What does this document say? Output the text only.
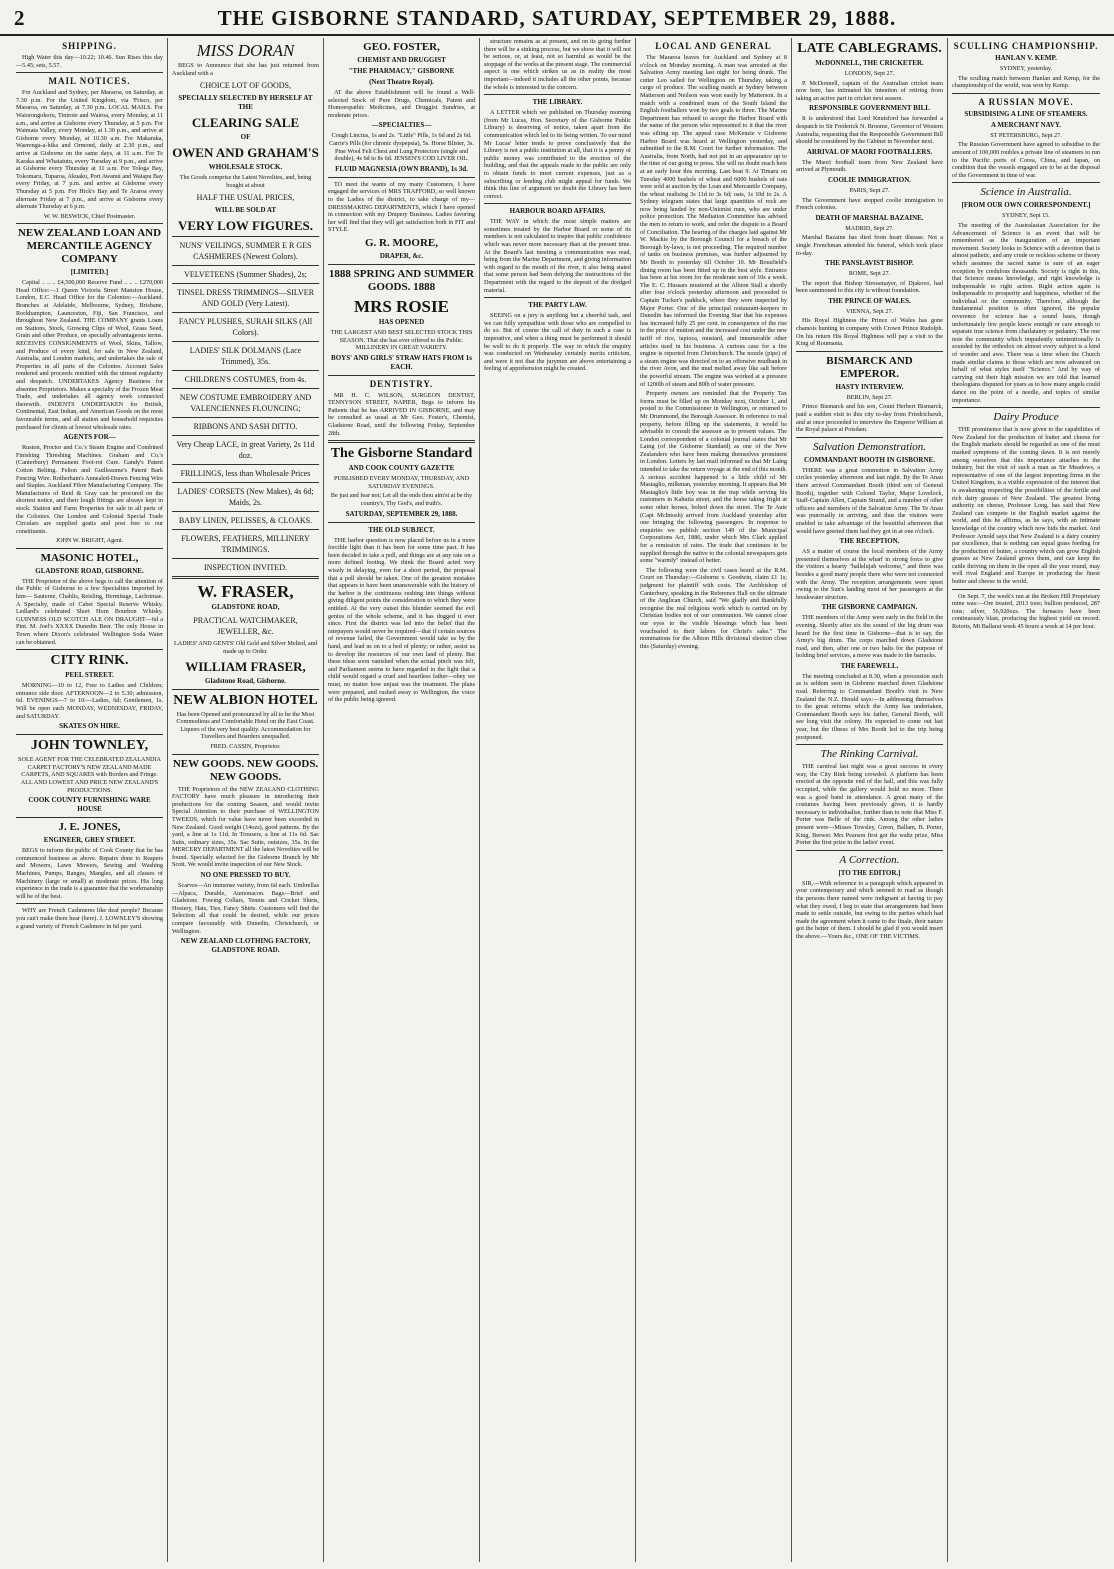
2	THE GISBORNE STANDARD, SATURDAY, SEPTEMBER 29, 1888.
SHIPPING.

High Water this day—10.22; 10.46. Sun Rises this day—5.45; sets, 5.57.

MAIL NOTICES.

For Auckland and Sydney, per Mararoa, on Saturday, at 7.30 p.m. For the United Kingdom, via 'Frisco, per Mararoa, on Saturday, at 7.30 p.m. LOCAL MAILS. For Waiorongokoru, Tinirote and Wairoa, every Monday, at 11 a.m., and arrive at Gisborne every Thursday, at 5 p.m. For Waimata Valley, every Monday, at 1.30 p.m., and arrive at Gisborne every Monday, at 10.30 a.m. For Makaraka, Waerenga-a-hika and Ormond, daily at 2.30 p.m., and arrive at Gisborne on the same days, at 11 a.m. For Te Karaka and Whatatutu, every Tuesday at 9 p.m., and arrive at Gisborne every Thursday at 11 a.m. For Tologa Bay, Tokomaru, Tuparoa, Akuaku, Port Awanui and Waiapu Bay every Friday, at 7 p.m. and arrive at Gisborne every Thursday at 5 p.m. For Hick's Bay and Te Araroa every alternate Friday at 7 p.m., and arrive at Gisborne every alternate Thursday at 6 p.m.

W. W. BESWICK, Chief Postmaster.

NEW ZEALAND LOAN AND MERCANTILE AGENCY COMPANY
[LIMITED.]

Capital .. .. .. £4,500,000 Reserve Fund .. .. .. £270,000 Head Office:—1 Queen Victoria Street Mansion House, London, E.C. Head Office for the Colonies:—Auckland. Branches at Adelaide, Melbourne, Sydney, Brisbane, Rockhampton, Launceston, Fiji, San Francisco, and throughout New Zealand. THE COMPANY grants Loans on Stations, Stock, Growing Clips of Wool, Grass Seed, Grain and other Produce, on specially advantageous terms. RECEIVES CONSIGNMENTS of Wool, Skins, Tallow, and Produce of every kind, for sale in New Zealand, Australia, and London markets, and undertakes the sale of Properties in all parts of the Colonies. Account Sales rendered and proceeds remitted with the utmost regularity and despatch. UNDERTAKES Agency Business for absentee Proprietors. Makes a specialty of the Frozen Meat Trade, and undertakes all agency work connected therewith. INDENTS UNDERTAKEN for British, Continental, East Indian, and American Goods on the most favourable terms, and all station and household requisites purchased for clients at lowest wholesale rates.

AGENTS FOR—

Ruston, Proctor and Co.'s Steam Engine and Combined Finishing Threshing Machines. Graham and Co.'s (Canterbury) Permanent Foot-rot Cure. Gandy's Patent Cotton Belting. Felton and Guilleaume's Patent Bark Fencing Wire. Rotherham's Annealed-Drawn Fencing Wire and Staples. Auckland Fibre Manufacturing Company. The Manufactures of Reid & Gray can be procured on the shortest notice, and their lough fittings are always kept in stock. Station and Farm Properties for sale in all parts of the Colonies. Our London and Colonial Special Trade Circulars are supplied gratis and post free to our constituents.

JOHN W. BRIGHT, Agent.

MASONIC HOTEL,
GLADSTONE ROAD, GISBORNE.

THE Proprietor of the above begs to call the attention of the Public of Gisborne to a few Specialties imported by him— Sauterne, Chablis, Reisling, Hermitage, Lachrimae. A Specialty, made of Cabet Special Reserve Whisky. Ledlard's celebrated Short Horn Bourbon Whisky. GUINNESS OLD SCOTCH ALE ON DRAUGHT—6d a Pint. M. Joel's XXXX Dunedin Beer. The only House in Town where Dixon's celebrated Wellington Soda Water can be obtained.

CITY RINK.
PEEL STREET.

MORNING—10 to 12, Free to Ladies and Children; entrance side door. AFTERNOON—2 to 5.30; admission, 6d. EVENINGS—7 to 10:—Ladies, 6d; Gentlemen, 1s. Will be open each MONDAY, WEDNESDAY, FRIDAY, and SATURDAY.

SKATES ON HIRE.
JOHN TOWNLEY,

SOLE AGENT FOR THE CELEBRATED ZEALANDIA CARPET FACTORY'S NEW ZEALAND MADE CARPETS, AND SQUARES with Borders and Fringe. ALL AND LOWEST AND PRICE NEW ZEALAND'S PRODUCTIONS.

COOK COUNTY FURNISHING WARE HOUSE
J. E. JONES,
ENGINEER, GREY STREET.

BEGS to inform the public of Cook County that he has commenced business as above. Repairs done to Reapers and Mowers, Lawn Mowers, Sewing and Washing Machines, Pumps, Ranges, Mangles, and all classes of Machinery (large or small) at moderate prices. His long experience in the trade is a guarantee that the workmanship will be of the best.

WHY are French Cashmeres like deaf people? Because you can't make them hear (here). J. LOWNLEY'S showing a grand variety of French Cashmere in 6d per yard.

MISS DORAN

BEGS to Announce that she has just returned from Auckland with a

CHOICE LOT OF GOODS,
SPECIALLY SELECTED BY HERSELF AT THE
CLEARING SALE
OF
OWEN AND GRAHAM'S
WHOLESALE STOCK.

The Goods comprise the Latest Novelties, and, being bought at about

HALF THE USUAL PRICES,
WILL BE SOLD AT
VERY LOW FIGURES.
NUNS' VEILINGS, SUMMER E R GES CASHMERES (Newest Colors).
VELVETEENS (Summer Shades), 2s;
TINSEL DRESS TRIMMINGS—SILVER AND GOLD (Very Latest).
FANCY PLUSHES, SURAH SILKS (All Colors).
LADIES' SILK DOLMANS (Lace Trimmed), 35s.
CHILDREN'S COSTUMES, from 4s.
NEW COSTUME EMBROIDERY AND VALENCIENNES FLOUNCING;
RIBBONS AND SASH DITTO.
Very Cheap LACE, in great Variety, 2s 11d doz.
FRILLINGS, less than Wholesale Prices
LADIES' CORSETS (New Makes), 4s 6d; Maids, 2s.
BABY LINEN, PELISSES, & CLOAKS.
FLOWERS, FEATHERS, MILLINERY TRIMMINGS.
INSPECTION INVITED.
W. FRASER,
GLADSTONE ROAD,
PRACTICAL WATCHMAKER, JEWELLER, &c.

LADIES' AND GENTS' Old Gold and Silver Melted, and made up to Order.

WILLIAM FRASER,
Gladstone Road, Gisborne.
NEW ALBION HOTEL

Has been Opened and pronounced by all to be the Most Commodious and Comfortable Hotel on the East Coast. Liquors of the very best quality. Accommodation for Travellers and Boarders unequalled.

FRED. CASSIN, Proprietor.

NEW GOODS. NEW GOODS. NEW GOODS.

THE Proprietors of the NEW ZEALAND CLOTHING FACTORY have much pleasure in introducing their productions for the coming Season, and would invite Special Attention to their purchase of WELLINGTON TWEEDS, which for value have never been exceeded in New Zealand. Good weight (14ozs), good patterns. By the yard, a line at 1s 11d. In Trousers, a line at 11s 6d. Sac Suits, ordinary sizes, 35s. Sac Suits, outsizes, 35s. In the MERCERY DEPARTMENT all the latest Novelties will be found. Specially selected for the Gisborne Branch by Mr Scott. We would invite inspection of our New Stock.

NO ONE PRESSED TO BUY.

Scarves—An immense variety, from 6d each. Umbrellas—Alpaca, Durable, Aumonacon. Bags—Brief and Gladstone. Fowing Collars, Tennis and Cricket Shirts, Hosiery, Hats, Ties, Fancy Shirts. Customers will find the Selection all that could be desired, while our prices compare favourably with Dunedin, Christchurch, or Wellington.

NEW ZEALAND CLOTHING FACTORY, GLADSTONE ROAD.
GEO. FOSTER,
CHEMIST AND DRUGGIST
"THE PHARMACY," GISBORNE
(Next Theatre Royal).

AT the above Establishment will be found a Well-selected Stock of Pure Drugs, Chemicals, Patent and Homoeopathic Medicines, and Druggist Sundries, at moderate prices.

—SPECIALTIES—

Cough Linctus, 1s and 2s. "Little" Pills, 1s 6d and 2s 6d. Carrie's Pills (for chronic dyspepsia), 5s. Horse Blister, 3s. Pine Wool Felt Chest and Lung Protectors (single and double), 4s 6d to 8s 6d. JENSEN'S COD LIVER OIL.

FLUID MAGNESIA (OWN BRAND), 1s 3d.

TO meet the wants of my many Customers, I have engaged the services of MRS TRAFFORD, so well known to the Ladies of the district, to take charge of my— DRESSMAKING DEPARTMENTS, which I have opened in connection with my Drapery Business. Ladies favoring her will find that they will get satisfaction both in FIT and STYLE.

G. R. MOORE,
DRAPER, &c.
1888 SPRING AND SUMMER GOODS. 1888
MRS ROSIE
HAS OPENED

THE LARGEST AND BEST SELECTED STOCK THIS SEASON. That she has ever offered to the Public. MILLINERY IN GREAT VARIETY.

BOYS' AND GIRLS' STRAW HATS FROM 1s EACH.
DENTISTRY.

MR H. C. WILSON, SURGEON DENTIST, TENNYSON STREET, NAPIER, Begs to inform his Patients that he has ARRIVED IN GISBORNE, and may be consulted as usual at Mr Geo. Foster's, Chemist, Gladstone Road, until the following Friday, September 28th.

The Gisborne Standard
AND COOK COUNTY GAZETTE

PUBLISHED EVERY MONDAY, THURSDAY, AND SATURDAY EVENINGS.

Be just and fear not; Let all the ends thou aim'st at be thy country's, Thy God's, and truth's.

SATURDAY, SEPTEMBER 29, 1888.
THE OLD SUBJECT.

THE harbor question is now placed before us in a more forcible light than it has been for some time past. It has been decided to take a poll, and things are at any rate on a more defined footing. We think the Board acted very wisely in delaying, even for a short period, the proposal that a poll should be taken. One of the greatest mistakes that appears to have been unanswerable with the history of the harbor is the continuous rushing into things without giving diligent points the consideration to which they were entitled. At the very outset this blunder seemed the evil genius of the whole scheme, and it has dogged it ever since. First the district was led into the belief that the ratepayers would never be required—that if certain sources of revenue failed, the Government would take us by the hand, and lead us on to a bed of plenty; or rather, assist us to develop the resources of our own land of plenty. But these ideas soon vanished when the actual pinch was felt, and Parliament seems to have regarded in the light that a child would regard a cruel and heartless father—obey we must, no matter how unjust was the treatment. The plans were prepared, and rushed away to Wellington, the voice of the public being ignored.

structure remains as at present, and on its going further there will be a sinking process, but we show that it will not be serious, or, at least, not so harmful as would be the stoppage of the works at the present stage. The commercial aspect is one which strikes us as in reality the most important—indeed it includes all the other points, because the whole is interested in the concern.

THE LIBRARY.

A LETTER which we published on Thursday morning (from Mr Lucas, Hon. Secretary of the Gisborne Public Library) is deserving of notice, taken apart from the communication which led to its being written. To our mind Mr Lucas' letter tends to prove conclusively that the Library is not a public institution at all, that it is a penny of public money was contributed to the erection of the building, and that the appeals made to the public are only to obtain funds to meet current expenses, just as a subscribing or lending club might appeal for funds. We think this line of argument no doubt the Library has been correct.

HARBOUR BOARD AFFAIRS.

THE WAY in which the most simple matters are sometimes treated by the Harbor Board or some of its members is not calculated to inspire that public confidence which was never more necessary than at the present time. At the Board's last meeting a communication was read, being from the Marine Department, and giving information with regard to the mouth of the river, it also being stated that some person had been defying the instructions of the Department with the regard to the deposit of the dredged material.

THE PARTY LAW.

SEEING on a jury is anything but a cheerful task, and we can fully sympathise with those who are compelled to do so. But of course the call of duty in such a case is imperative, and when a thing must be performed it should be well to do it properly. The way in which the enquiry was conducted on Wednesday certainly merits criticism, and were it not that the jurymen are above entertaining a feeling of apprehension might be created.

LOCAL AND GENERAL

The Mararoa leaves for Auckland and Sydney at 8 o'clock on Monday morning. A man was arrested at the Salvation Army meeting last night for being drunk. The cutter Leo sailed for Wellington on Thursday, taking a cargo of produce. The sculling match at Sydney between Matterson and Neilson was won easily by Matterson. In a match with a combined team of the South Island the English footballers won by two goals to three. The Marine Department has refused to accept the Harbor Board with the name of the person who represented to it that the river was silting up. The appeal case McKenzie v Gisborne Harbor Board was heard at Wellington yesterday, and submitted to the R.M. Court for further information. The Australia, from North, had not put in an appearance up to the time of our going to press. She will no doubt reach here at an early hour this morning. Last boat 9. At Timaru on Tuesday 4000 bushels of wheat and 6000 bushels of oats were sold at auction by the Loan and Mercantile Company, the wheat realising 3s 11d to 3s 6d; oats, 1s 10d to 2s. A Sydney telegram states that large quantities of rock are now being landed by non-Unionist men, who are under police protection. The Mediation Committee has advised the men to return to work, and refer the dispute to a Board of Conciliation. The hearing of the charges laid against Mr W. Mackie by the Borough Council for a breach of the Borough by-laws, is not proceeding. The required number of tanks on business premises, was further adjourned by Mr Booth to yesterday till October 10. Mr Bousfield's dining room has been fitted up in the best style. Entrance has been at his room for the moderate sum of 10s a week. The E. C. Hussars mustered at the Albion Stall a shortly after four o'clock yesterday afternoon and proceeded to Captain Tucker's paddock, where they were inspected by Major Porter. One of the principal restaurant-keepers in Dunedin has informed the Evening Star that his expenses has increased fully 25 per cent. in consequence of the rise in the price of mutton and the increased cost under the new tariff of rice, tapioca, mustard, and innumerable other articles used in his business. A curious case for a fire engine is reported from Christchurch. The nozzle (pipe) of a steam engine was directed on to an offensive mudbank in the river Avon, and the mud melted away like salt before the powerful stream. The engine was worked at a pressure of 1200lb of steam and 80lb of water pressure.

Property owners are reminded that the Property Tax forms must be filled up on Monday next, October 1, and posted to the Commissioner in Wellington, or returned to Mr Drummond, the Borough Assessor. In reference to real property, before filling up the statements, it would be advisable to consult the assessor as to present values. The London correspondent of a colonial journal states that Mr Laing (of the Gisborne Standard) as one of the New Zealanders who have been making themselves prominent in London. Letters by last mail informed us that Mr Laing intended to take the return voyage at the end of this month. A serious accident happened to a little child of Mr Mastaglio, milkman, yesterday morning. It appears that Mr Mastaglio's little boy was in the trap while serving his customers in Kahutia street, and the horse taking fright at some other horses, bolted down the street. The Te Aute (Capt McIntosh) arrived from Auckland yesterday after one bringing the following passengers. In response to enquiries we publish section 149 of the Municipal Corporations Act, 1886, under which Mrs Clark applied for a remission of rates. The trade that continues to be supplied through the native to the colonial newspapers gets some "warmly" instead of better.

The following were the civil cases heard at the R.M. Court on Thursday:—Gisborne v. Goodwin, claim £1 1s; judgment for plaintiff with costs. The Archbishop of Canterbury, speaking in the Reference Hall on the ultimate of the Anglican Church, said "We gladly and thankfully recognise the real religious work which is carried on by Christian bodies not of our communion. We cannot close our eyes to the visible blessings which has been vouchsafed to their labors for Christ's sake." The nominations for the Albion Hills divisional election close this (Saturday) evening.

LATE CABLEGRAMS.
McDONNELL, THE CRICKETER.

LONDON, Sept 27.

P. McDonnell, captain of the Australian cricket team now here, has intimated his intention of retiring from taking an active part in cricket next season.

RESPONSIBLE GOVERNMENT BILL

It is understood that Lord Knutsford has forwarded a despatch to Sir Frederick N. Broome, Governor of Western Australia, requesting that the Responsible Government Bill should be considered by the Cabinet in November next.

ARRIVAL OF MAORI FOOTBALLERS.

The Maori football team from New Zealand have arrived at Plymouth.

COOLIE IMMIGRATION.

PARIS, Sept 27.

The Government have stopped coolie immigration to French colonies.

DEATH OF MARSHAL BAZAINE.

MADRID, Sept 27.

Marshal Bazaine has died from heart disease. Not a single Frenchman attended his funeral, which took place to-day.

THE PANSLAVIST BISHOP.

ROME, Sept 27.

The report that Bishop Strossmayer, of Djakovo, had been summoned to this city is without foundation.

THE PRINCE OF WALES.

VIENNA, Sept 27.

His Royal Highness the Prince of Wales has gone chamois hunting in company with Crown Prince Rudolph. On his return His Royal Highness will pay a visit to the King of Roumania.

BISMARCK AND EMPEROR.
HASTY INTERVIEW.

BERLIN, Sept 27.

Prince Bismarck and his son, Count Herbert Bismarck, paid a sudden visit to this city to-day from Friedrichsruh, and at once proceeded to interview the Emperor William at the Royal palace at Potsdam.

Salvation Demonstration.
COMMANDANT BOOTH IN GISBORNE.

THERE was a great commotion in Salvation Army circles yesterday afternoon and last night. By the Te Anau there arrived Commandant Booth (third son of General Booth), together with Colonel Taylor, Major Lovelock, Staff-Captain Allen, Captain Strand, and a number of other officers and members of the Salvation Army. The Te Anau was punctually in arriving, and thus the visitors were enabled to take advantage of the beautiful afternoon that would have greeted them had they got in at one o'clock.

THE RECEPTION.

AS a matter of course the local members of the Army presented themselves at the wharf in strong force to give the visitors a hearty "hallelujah welcome," and there was besides a good many people there who were not connected with the Army. The reception arrangements were upset owing to the Sun's landing most of her passengers at the breakwater structure.

THE GISBORNE CAMPAIGN.

THE members of the Army were early in the field in the evening. Shortly after six the sound of the big drum was heard for the first time in Gisborne—that is to say, the Army's big drum. The corps marched down Gladstone road, and then, after one or two halts for the purpose of holding brief services, a move was made to the barracks.

THE FAREWELL.

The meeting concluded at 8.30, when a procession such as is seldom seen in Gisborne marched down Gladstone road. Referring to Commandant Booth's visit to New Zealand the N.Z. Herald says:—In addressing themselves to the great reforms which the Army has undertaken, Commandant Booth says his father, General Booth, will see long visit the colony. He expected to come out last year, but the illness of Mrs Booth led to the trip being postponed.

The Rinking Carnival.

THE carnival last night was a great success in every way, the City Rink being crowded. A platform has been erected at the opposite end of the hall, and this was fully occupied, while the gallery would hold no more. There was a good band in attendance. A great many of the costumes having been previously given, it is hardly necessary to individualise, further than to note that Miss F. Porter was Belle of the rink. Among the other ladies present were—Misses Towsley, Green, Ballam, B. Porter, King, Brewer. Mrs Pearson first got the waltz prize, Miss Porter the first prize in the ladies' event.

A Correction.
[TO THE EDITOR.]

SIR,—With reference to a paragraph which appeared in your contemporary and which seemed to read as though the persons there named were indignant at having to pay what they owed, I beg to state that arrangements had been made to settle outside, but owing to the parties which had made the agreement when it came to the finale, their nature got the better of them. I should be glad if you would insert the above.—Yours &c., ONE OF THE VICTIMS.

SCULLING CHAMPIONSHIP.
HANLAN V. KEMP.

SYDNEY, yesterday.

The sculling match between Hanlan and Kemp, for the championship of the world, was won by Kemp.

A RUSSIAN MOVE.
SUBSIDISING A LINE OF STEAMERS.
A MERCHANT NAVY.

ST PETERSBURG, Sept 27.

The Russian Government have agreed to subsidise to the amount of 100,000 roubles a private line of steamers to run to the Pacific ports of Corea, China, and Japan, on condition that the vessels engaged are to be at the disposal of the Government in time of war.

Science in Australia.
[FROM OUR OWN CORRESPONDENT.]

SYDNEY, Sept 15.

The meeting of the Australasian Association for the Advancement of Science is an event that will be remembered as the inauguration of an important movement. Society looks to Science with a devotion that is almost pathetic, and any crude or reckless scheme or theory which assumes the sacred name is sure of an eager reception by credulous thousands. Society is right in this, that Science means knowledge, and right knowledge is indispensable to right action. Right action again is indispensable to prosperity and happiness, whether of the individual or the community. Therefore, although the fundamental position is often ignored, the popular reverence for science has a sound basis, though unfortunately few people know enough or care enough to separate true science from charlatanry or pedantry. The one note the community which impudently unintentionally is sounded by the orthodox on almost every subject is a kind of wonder and awe. There was a time when the Church made similar claims to those which are now advanced on behalf of what styles itself "Science." And by way of carrying out their high mission we are told that learned theologians disputed for years as to how many angels could dance on the point of a needle, and topics of similar importance.

Dairy Produce

THE prominence that is now given to the capabilities of New Zealand for the production of butter and cheese for the English markets should be regarded as one of the most marked symptoms of the coming dawn. It is not merely among ourselves that this importance attaches to the industry, but the visit of such a man as Sir Meadows, a representative of one of the largest importing firms in the United Kingdom, is a visible expression of the interest that is awakening respecting the possibilities of the fertile and rich dairy grasses of New Zealand. The greatest living authority on cheese, Professor Long, has said that New Zealand can compete in the English market against the world, and this he affirms, as he says, with an intimate knowledge of the country which now bids the market. And Professor Arnold says that New Zealand is a dairy country par excellence, that is nothing can equal grass feeding for the production of butter, a country which can grow English grasses as New Zealand grows them, and can keep the cattle thriving on them in the open all the year round, may well rival England and Europe in producing the finest butter and cheese in the world.

On Sept. 7, the week's run at the Broken Hill Proprietary mine was:—Ore treated, 2013 tons; bullion produced, 287 tons; silver, 56,920ozs. The furnaces have been continuously blast, producing the highest yield on record. Retorts, Mt Ballarat week 45 hours a week at 14 per hour.
